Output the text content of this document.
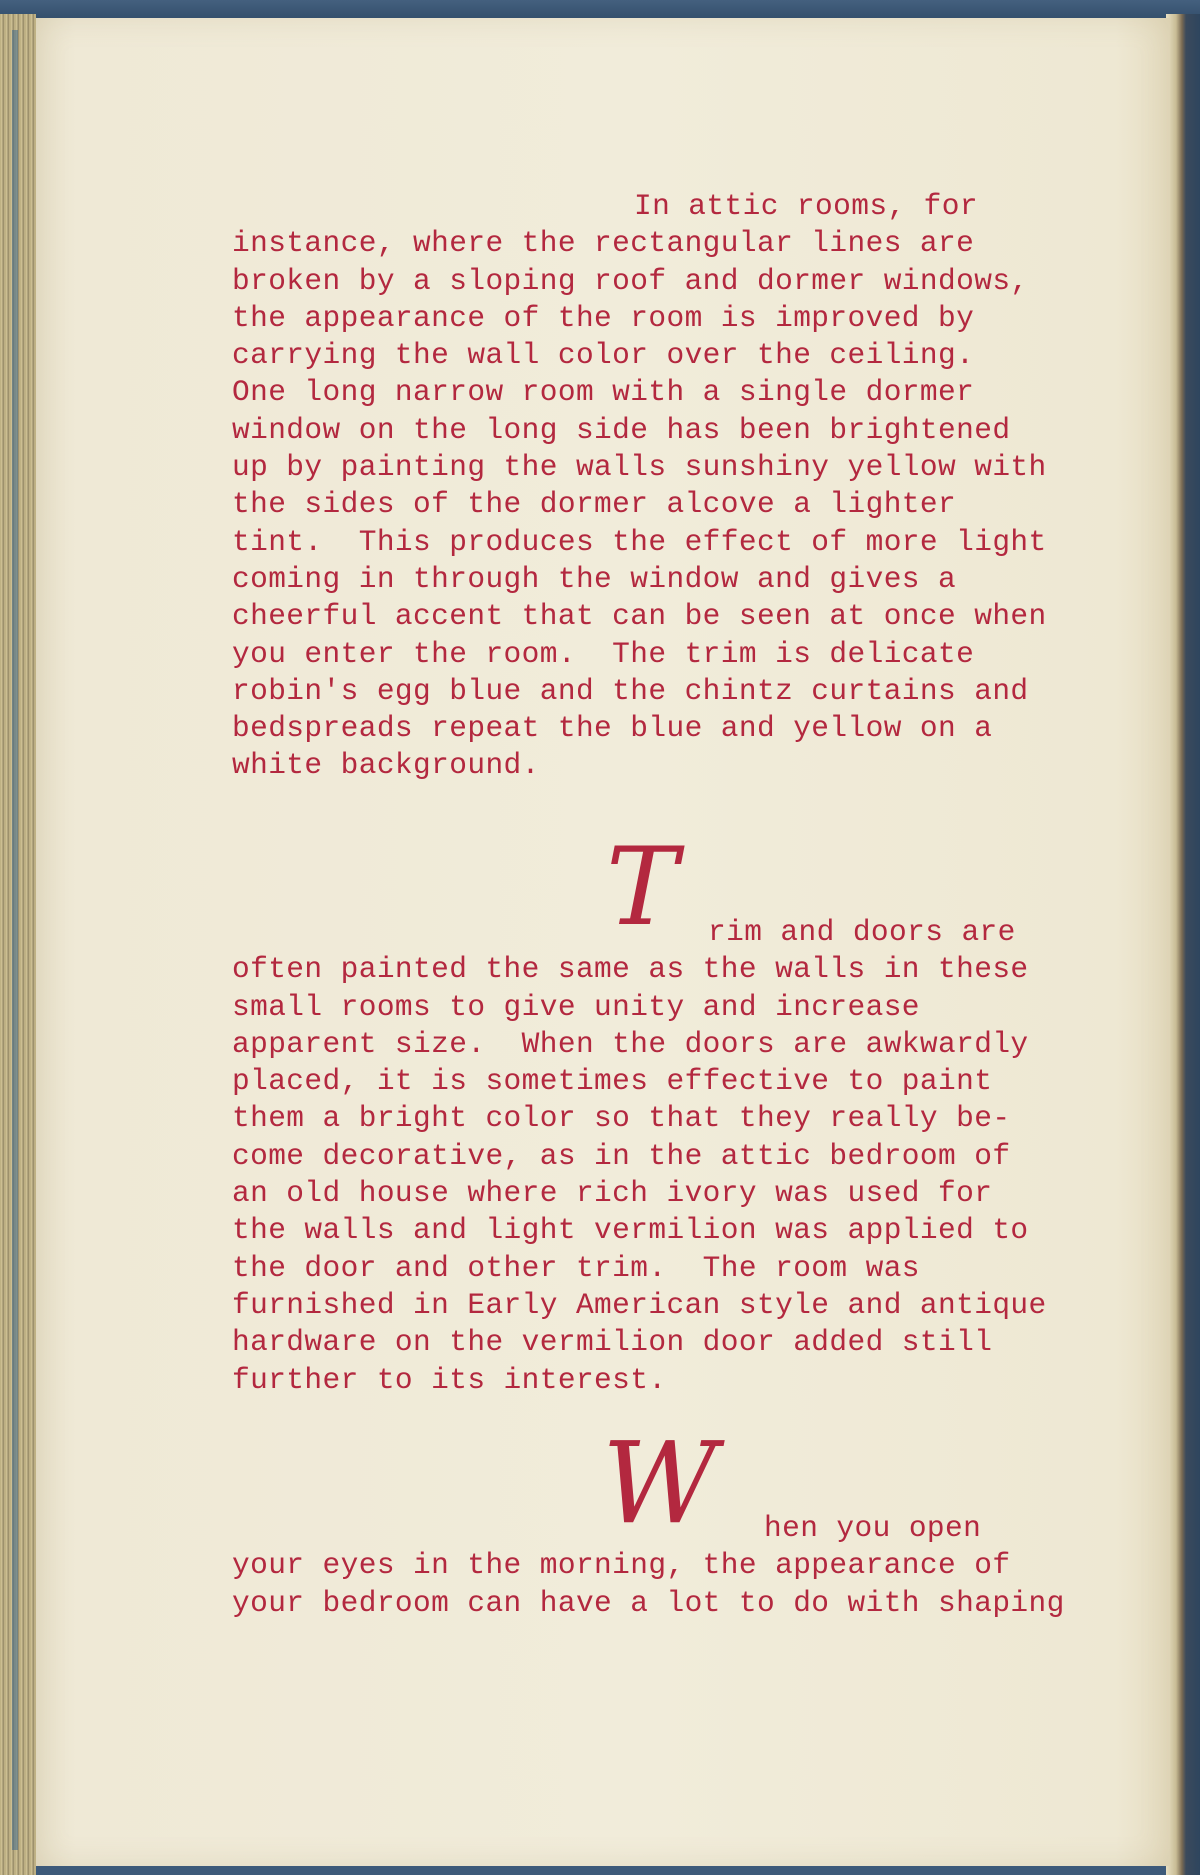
In attic rooms, for
instance, where the rectangular lines are
broken by a sloping roof and dormer windows,
the appearance of the room is improved by
carrying the wall color over the ceiling.
One long narrow room with a single dormer
window on the long side has been brightened
up by painting the walls sunshiny yellow with
the sides of the dormer alcove a lighter
tint.  This produces the effect of more light
coming in through the window and gives a
cheerful accent that can be seen at once when
you enter the room.  The trim is delicate
robin's egg blue and the chintz curtains and
bedspreads repeat the blue and yellow on a
white background.
T	rim and doors are
often painted the same as the walls in these
small rooms to give unity and increase
apparent size.  When the doors are awkwardly
placed, it is sometimes effective to paint
them a bright color so that they really be-
come decorative, as in the attic bedroom of
an old house where rich ivory was used for
the walls and light vermilion was applied to
the door and other trim.  The room was
furnished in Early American style and antique
hardware on the vermilion door added still
further to its interest.
W	hen you open
your eyes in the morning, the appearance of
your bedroom can have a lot to do with shaping
